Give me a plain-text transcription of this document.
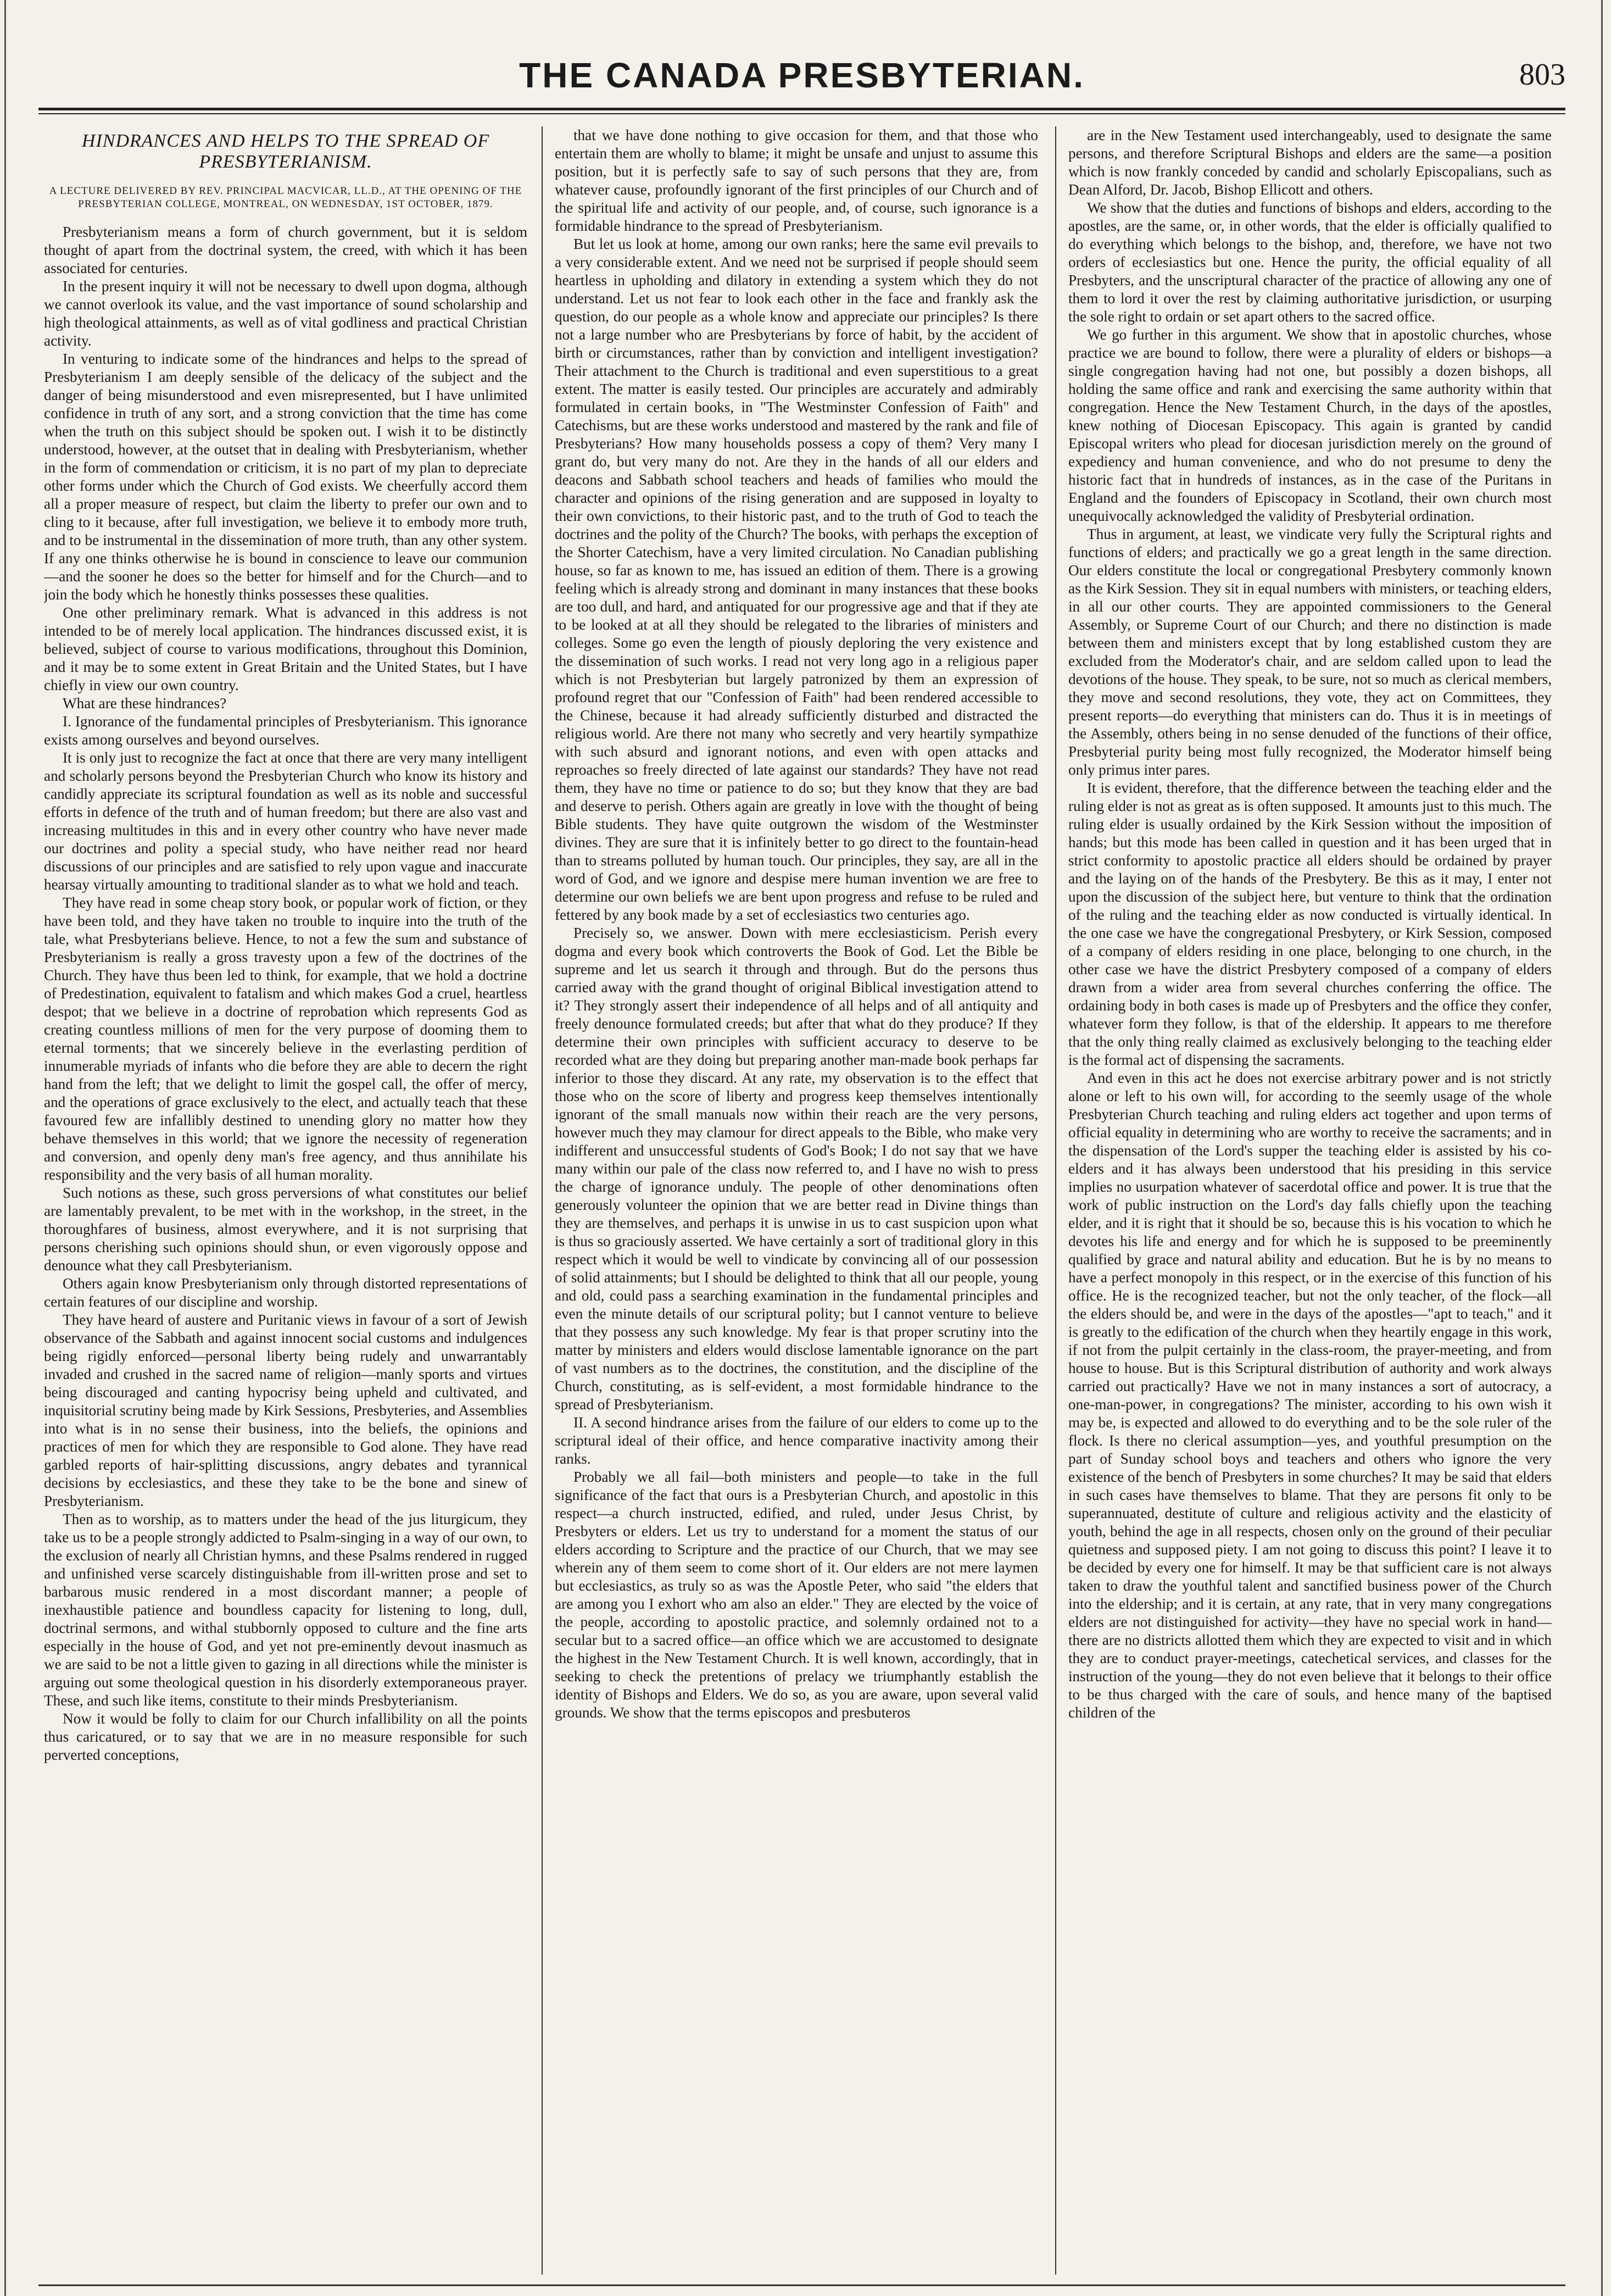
THE CANADA PRESBYTERIAN.	803
HINDRANCES AND HELPS TO THE SPREAD OF PRESBYTERIANISM.
A LECTURE DELIVERED BY REV. PRINCIPAL MACVICAR, LL.D., AT THE OPENING OF THE PRESBYTERIAN COLLEGE, MONTREAL, ON WEDNESDAY, 1ST OCTOBER, 1879.

Presbyterianism means a form of church government, but it is seldom thought of apart from the doctrinal system, the creed, with which it has been associated for centuries.

In the present inquiry it will not be necessary to dwell upon dogma, although we cannot overlook its value, and the vast importance of sound scholarship and high theological attainments, as well as of vital godliness and practical Christian activity.

In venturing to indicate some of the hindrances and helps to the spread of Presbyterianism I am deeply sensible of the delicacy of the subject and the danger of being misunderstood and even misrepresented, but I have unlimited confidence in truth of any sort, and a strong conviction that the time has come when the truth on this subject should be spoken out. I wish it to be distinctly understood, however, at the outset that in dealing with Presbyterianism, whether in the form of commendation or criticism, it is no part of my plan to depreciate other forms under which the Church of God exists. We cheerfully accord them all a proper measure of respect, but claim the liberty to prefer our own and to cling to it because, after full investigation, we believe it to embody more truth, and to be instrumental in the dissemination of more truth, than any other system. If any one thinks otherwise he is bound in conscience to leave our communion —and the sooner he does so the better for himself and for the Church—and to join the body which he honestly thinks possesses these qualities.

One other preliminary remark. What is advanced in this address is not intended to be of merely local application. The hindrances discussed exist, it is believed, subject of course to various modifications, throughout this Dominion, and it may be to some extent in Great Britain and the United States, but I have chiefly in view our own country.

What are these hindrances?

I. Ignorance of the fundamental principles of Presbyterianism. This ignorance exists among ourselves and beyond ourselves.

It is only just to recognize the fact at once that there are very many intelligent and scholarly persons beyond the Presbyterian Church who know its history and candidly appreciate its scriptural foundation as well as its noble and successful efforts in defence of the truth and of human freedom; but there are also vast and increasing multitudes in this and in every other country who have never made our doctrines and polity a special study, who have neither read nor heard discussions of our principles and are satisfied to rely upon vague and inaccurate hearsay virtually amounting to traditional slander as to what we hold and teach.

They have read in some cheap story book, or popular work of fiction, or they have been told, and they have taken no trouble to inquire into the truth of the tale, what Presbyterians believe. Hence, to not a few the sum and substance of Presbyterianism is really a gross travesty upon a few of the doctrines of the Church. They have thus been led to think, for example, that we hold a doctrine of Predestination, equivalent to fatalism and which makes God a cruel, heartless despot; that we believe in a doctrine of reprobation which represents God as creating countless millions of men for the very purpose of dooming them to eternal torments; that we sincerely believe in the everlasting perdition of innumerable myriads of infants who die before they are able to decern the right hand from the left; that we delight to limit the gospel call, the offer of mercy, and the operations of grace exclusively to the elect, and actually teach that these favoured few are infallibly destined to unending glory no matter how they behave themselves in this world; that we ignore the necessity of regeneration and conversion, and openly deny man's free agency, and thus annihilate his responsibility and the very basis of all human morality.

Such notions as these, such gross perversions of what constitutes our belief are lamentably prevalent, to be met with in the workshop, in the street, in the thoroughfares of business, almost everywhere, and it is not surprising that persons cherishing such opinions should shun, or even vigorously oppose and denounce what they call Presbyterianism.

Others again know Presbyterianism only through distorted representations of certain features of our discipline and worship.

They have heard of austere and Puritanic views in favour of a sort of Jewish observance of the Sabbath and against innocent social customs and indulgences being rigidly enforced—personal liberty being rudely and unwarrantably invaded and crushed in the sacred name of religion—manly sports and virtues being discouraged and canting hypocrisy being upheld and cultivated, and inquisitorial scrutiny being made by Kirk Sessions, Presbyteries, and Assemblies into what is in no sense their business, into the beliefs, the opinions and practices of men for which they are responsible to God alone. They have read garbled reports of hair-splitting discussions, angry debates and tyrannical decisions by ecclesiastics, and these they take to be the bone and sinew of Presbyterianism.

Then as to worship, as to matters under the head of the jus liturgicum, they take us to be a people strongly addicted to Psalm-singing in a way of our own, to the exclusion of nearly all Christian hymns, and these Psalms rendered in rugged and unfinished verse scarcely distinguishable from ill-written prose and set to barbarous music rendered in a most discordant manner; a people of inexhaustible patience and boundless capacity for listening to long, dull, doctrinal sermons, and withal stubbornly opposed to culture and the fine arts especially in the house of God, and yet not pre-eminently devout inasmuch as we are said to be not a little given to gazing in all directions while the minister is arguing out some theological question in his disorderly extemporaneous prayer. These, and such like items, constitute to their minds Presbyterianism.

Now it would be folly to claim for our Church infallibility on all the points thus caricatured, or to say that we are in no measure responsible for such perverted conceptions,

that we have done nothing to give occasion for them, and that those who entertain them are wholly to blame; it might be unsafe and unjust to assume this position, but it is perfectly safe to say of such persons that they are, from whatever cause, profoundly ignorant of the first principles of our Church and of the spiritual life and activity of our people, and, of course, such ignorance is a formidable hindrance to the spread of Presbyterianism.

But let us look at home, among our own ranks; here the same evil prevails to a very considerable extent. And we need not be surprised if people should seem heartless in upholding and dilatory in extending a system which they do not understand. Let us not fear to look each other in the face and frankly ask the question, do our people as a whole know and appreciate our principles? Is there not a large number who are Presbyterians by force of habit, by the accident of birth or circumstances, rather than by conviction and intelligent investigation? Their attachment to the Church is traditional and even superstitious to a great extent. The matter is easily tested. Our principles are accurately and admirably formulated in certain books, in "The Westminster Confession of Faith" and Catechisms, but are these works understood and mastered by the rank and file of Presbyterians? How many households possess a copy of them? Very many I grant do, but very many do not. Are they in the hands of all our elders and deacons and Sabbath school teachers and heads of families who mould the character and opinions of the rising generation and are supposed in loyalty to their own convictions, to their historic past, and to the truth of God to teach the doctrines and the polity of the Church? The books, with perhaps the exception of the Shorter Catechism, have a very limited circulation. No Canadian publishing house, so far as known to me, has issued an edition of them. There is a growing feeling which is already strong and dominant in many instances that these books are too dull, and hard, and antiquated for our progressive age and that if they ate to be looked at at all they should be relegated to the libraries of ministers and colleges. Some go even the length of piously deploring the very existence and the dissemination of such works. I read not very long ago in a religious paper which is not Presbyterian but largely patronized by them an expression of profound regret that our "Confession of Faith" had been rendered accessible to the Chinese, because it had already sufficiently disturbed and distracted the religious world. Are there not many who secretly and very heartily sympathize with such absurd and ignorant notions, and even with open attacks and reproaches so freely directed of late against our standards? They have not read them, they have no time or patience to do so; but they know that they are bad and deserve to perish. Others again are greatly in love with the thought of being Bible students. They have quite outgrown the wisdom of the Westminster divines. They are sure that it is infinitely better to go direct to the fountain-head than to streams polluted by human touch. Our principles, they say, are all in the word of God, and we ignore and despise mere human invention we are free to determine our own beliefs we are bent upon progress and refuse to be ruled and fettered by any book made by a set of ecclesiastics two centuries ago.

Precisely so, we answer. Down with mere ecclesiasticism. Perish every dogma and every book which controverts the Book of God. Let the Bible be supreme and let us search it through and through. But do the persons thus carried away with the grand thought of original Biblical investigation attend to it? They strongly assert their independence of all helps and of all antiquity and freely denounce formulated creeds; but after that what do they produce? If they determine their own principles with sufficient accuracy to deserve to be recorded what are they doing but preparing another man-made book perhaps far inferior to those they discard. At any rate, my observation is to the effect that those who on the score of liberty and progress keep themselves intentionally ignorant of the small manuals now within their reach are the very persons, however much they may clamour for direct appeals to the Bible, who make very indifferent and unsuccessful students of God's Book; I do not say that we have many within our pale of the class now referred to, and I have no wish to press the charge of ignorance unduly. The people of other denominations often generously volunteer the opinion that we are better read in Divine things than they are themselves, and perhaps it is unwise in us to cast suspicion upon what is thus so graciously asserted. We have certainly a sort of traditional glory in this respect which it would be well to vindicate by convincing all of our possession of solid attainments; but I should be delighted to think that all our people, young and old, could pass a searching examination in the fundamental principles and even the minute details of our scriptural polity; but I cannot venture to believe that they possess any such knowledge. My fear is that proper scrutiny into the matter by ministers and elders would disclose lamentable ignorance on the part of vast numbers as to the doctrines, the constitution, and the discipline of the Church, constituting, as is self-evident, a most formidable hindrance to the spread of Presbyterianism.

II. A second hindrance arises from the failure of our elders to come up to the scriptural ideal of their office, and hence comparative inactivity among their ranks.

Probably we all fail—both ministers and people—to take in the full significance of the fact that ours is a Presbyterian Church, and apostolic in this respect—a church instructed, edified, and ruled, under Jesus Christ, by Presbyters or elders. Let us try to understand for a moment the status of our elders according to Scripture and the practice of our Church, that we may see wherein any of them seem to come short of it. Our elders are not mere laymen but ecclesiastics, as truly so as was the Apostle Peter, who said "the elders that are among you I exhort who am also an elder." They are elected by the voice of the people, according to apostolic practice, and solemnly ordained not to a secular but to a sacred office—an office which we are accustomed to designate the highest in the New Testament Church. It is well known, accordingly, that in seeking to check the pretentions of prelacy we triumphantly establish the identity of Bishops and Elders. We do so, as you are aware, upon several valid grounds. We show that the terms episcopos and presbuteros

are in the New Testament used interchangeably, used to designate the same persons, and therefore Scriptural Bishops and elders are the same—a position which is now frankly conceded by candid and scholarly Episcopalians, such as Dean Alford, Dr. Jacob, Bishop Ellicott and others.

We show that the duties and functions of bishops and elders, according to the apostles, are the same, or, in other words, that the elder is officially qualified to do everything which belongs to the bishop, and, therefore, we have not two orders of ecclesiastics but one. Hence the purity, the official equality of all Presbyters, and the unscriptural character of the practice of allowing any one of them to lord it over the rest by claiming authoritative jurisdiction, or usurping the sole right to ordain or set apart others to the sacred office.

We go further in this argument. We show that in apostolic churches, whose practice we are bound to follow, there were a plurality of elders or bishops—a single congregation having had not one, but possibly a dozen bishops, all holding the same office and rank and exercising the same authority within that congregation. Hence the New Testament Church, in the days of the apostles, knew nothing of Diocesan Episcopacy. This again is granted by candid Episcopal writers who plead for diocesan jurisdiction merely on the ground of expediency and human convenience, and who do not presume to deny the historic fact that in hundreds of instances, as in the case of the Puritans in England and the founders of Episcopacy in Scotland, their own church most unequivocally acknowledged the validity of Presbyterial ordination.

Thus in argument, at least, we vindicate very fully the Scriptural rights and functions of elders; and practically we go a great length in the same direction. Our elders constitute the local or congregational Presbytery commonly known as the Kirk Session. They sit in equal numbers with ministers, or teaching elders, in all our other courts. They are appointed commissioners to the General Assembly, or Supreme Court of our Church; and there no distinction is made between them and ministers except that by long established custom they are excluded from the Moderator's chair, and are seldom called upon to lead the devotions of the house. They speak, to be sure, not so much as clerical members, they move and second resolutions, they vote, they act on Committees, they present reports—do everything that ministers can do. Thus it is in meetings of the Assembly, others being in no sense denuded of the functions of their office, Presbyterial purity being most fully recognized, the Moderator himself being only primus inter pares.

It is evident, therefore, that the difference between the teaching elder and the ruling elder is not as great as is often supposed. It amounts just to this much. The ruling elder is usually ordained by the Kirk Session without the imposition of hands; but this mode has been called in question and it has been urged that in strict conformity to apostolic practice all elders should be ordained by prayer and the laying on of the hands of the Presbytery. Be this as it may, I enter not upon the discussion of the subject here, but venture to think that the ordination of the ruling and the teaching elder as now conducted is virtually identical. In the one case we have the congregational Presbytery, or Kirk Session, composed of a company of elders residing in one place, belonging to one church, in the other case we have the district Presbytery composed of a company of elders drawn from a wider area from several churches conferring the office. The ordaining body in both cases is made up of Presbyters and the office they confer, whatever form they follow, is that of the eldership. It appears to me therefore that the only thing really claimed as exclusively belonging to the teaching elder is the formal act of dispensing the sacraments.

And even in this act he does not exercise arbitrary power and is not strictly alone or left to his own will, for according to the seemly usage of the whole Presbyterian Church teaching and ruling elders act together and upon terms of official equality in determining who are worthy to receive the sacraments; and in the dispensation of the Lord's supper the teaching elder is assisted by his co-elders and it has always been understood that his presiding in this service implies no usurpation whatever of sacerdotal office and power. It is true that the work of public instruction on the Lord's day falls chiefly upon the teaching elder, and it is right that it should be so, because this is his vocation to which he devotes his life and energy and for which he is supposed to be preeminently qualified by grace and natural ability and education. But he is by no means to have a perfect monopoly in this respect, or in the exercise of this function of his office. He is the recognized teacher, but not the only teacher, of the flock—all the elders should be, and were in the days of the apostles—"apt to teach," and it is greatly to the edification of the church when they heartily engage in this work, if not from the pulpit certainly in the class-room, the prayer-meeting, and from house to house. But is this Scriptural distribution of authority and work always carried out practically? Have we not in many instances a sort of autocracy, a one-man-power, in congregations? The minister, according to his own wish it may be, is expected and allowed to do everything and to be the sole ruler of the flock. Is there no clerical assumption—yes, and youthful presumption on the part of Sunday school boys and teachers and others who ignore the very existence of the bench of Presbyters in some churches? It may be said that elders in such cases have themselves to blame. That they are persons fit only to be superannuated, destitute of culture and religious activity and the elasticity of youth, behind the age in all respects, chosen only on the ground of their peculiar quietness and supposed piety. I am not going to discuss this point? I leave it to be decided by every one for himself. It may be that sufficient care is not always taken to draw the youthful talent and sanctified business power of the Church into the eldership; and it is certain, at any rate, that in very many congregations elders are not distinguished for activity—they have no special work in hand—there are no districts allotted them which they are expected to visit and in which they are to conduct prayer-meetings, catechetical services, and classes for the instruction of the young—they do not even believe that it belongs to their office to be thus charged with the care of souls, and hence many of the baptised children of the
